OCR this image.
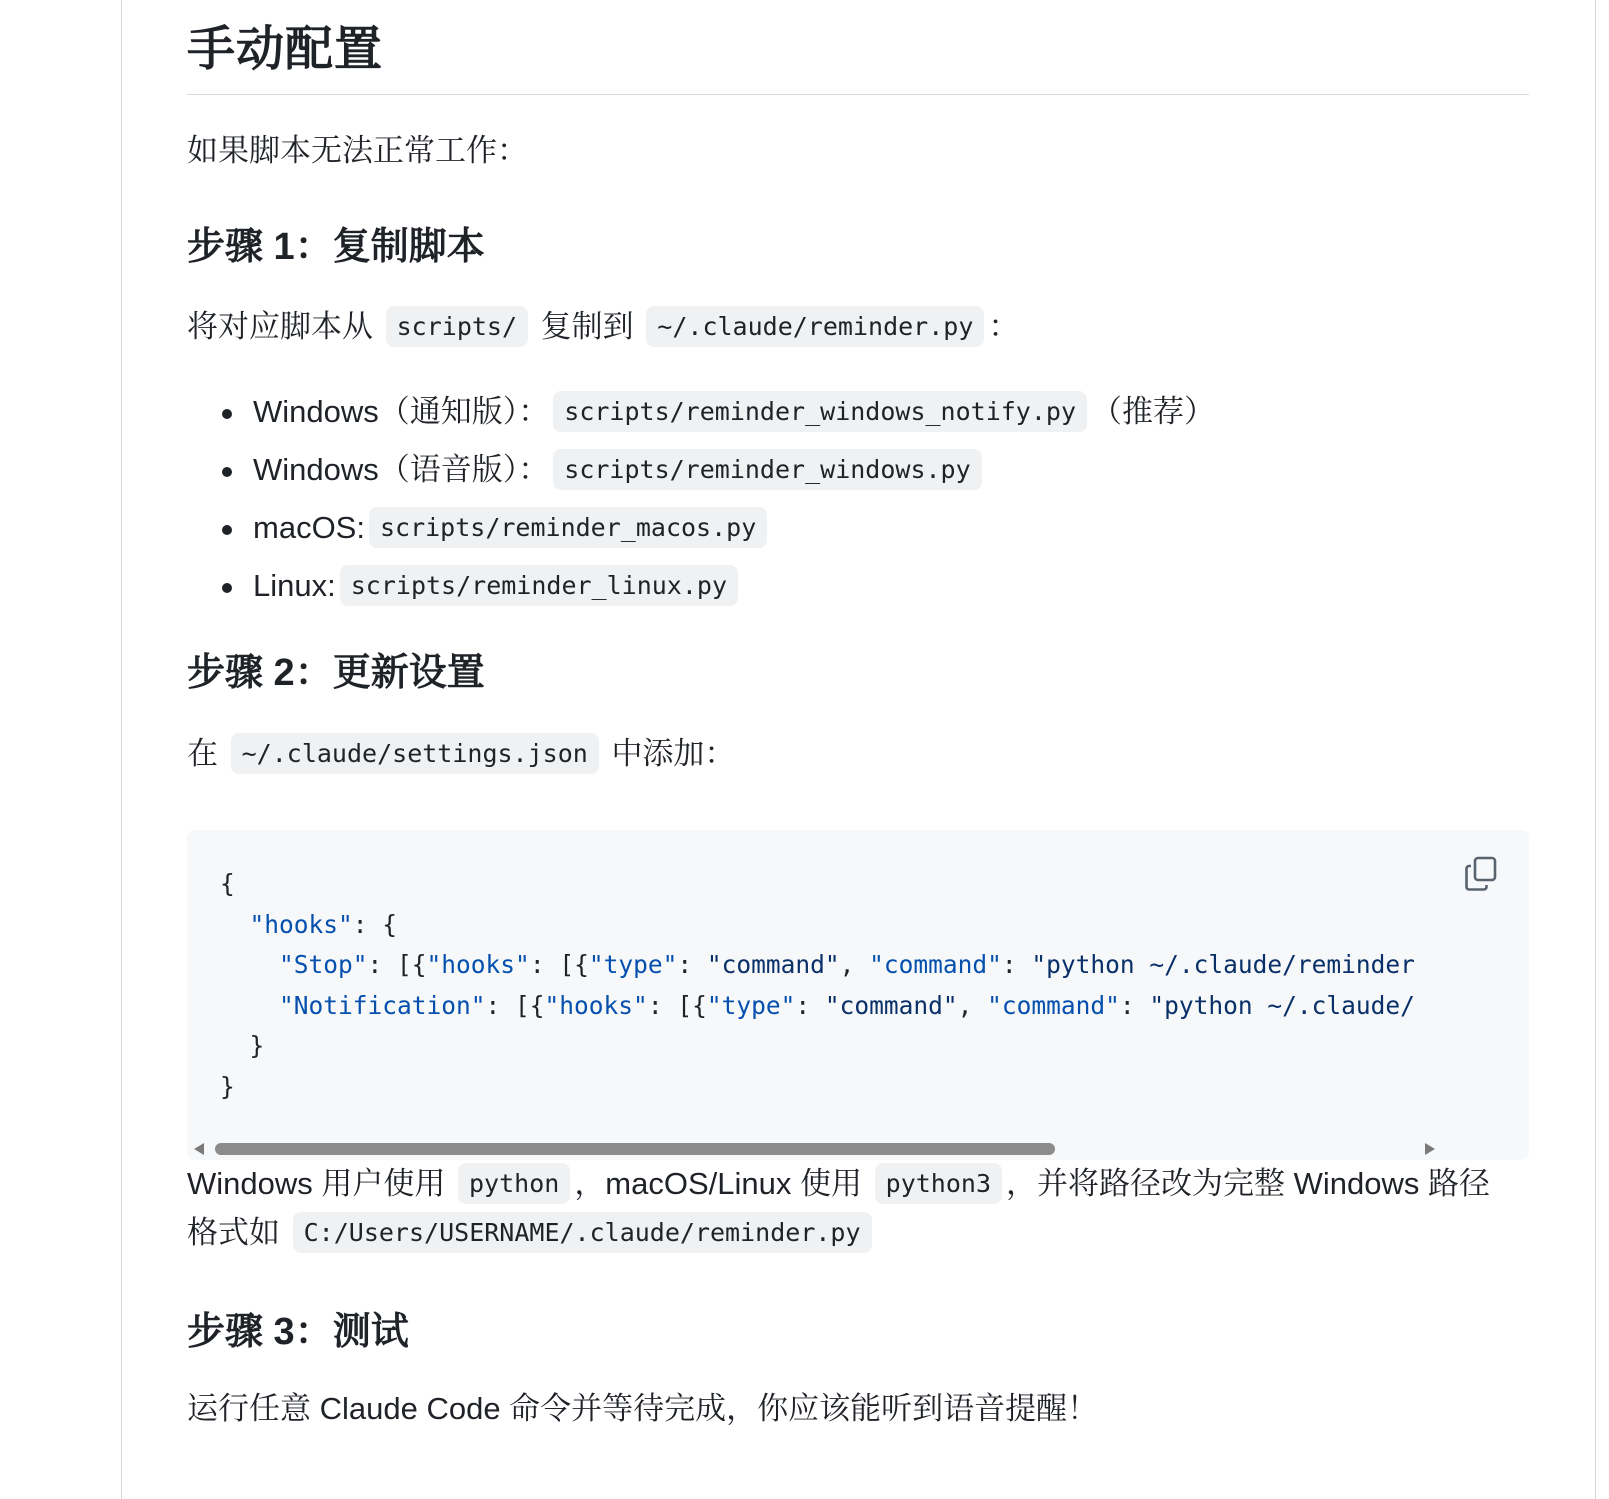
手动配置
如果脚本无法正常工作：
步骤 1：复制脚本
将对应脚本从 scripts/ 复制到 ~/.claude/reminder.py ：
Windows（通知版）： scripts/reminder_windows_notify.py （推荐）
Windows（语音版）： scripts/reminder_windows.py
macOS: scripts/reminder_macos.py
Linux: scripts/reminder_linux.py
步骤 2：更新设置
在 ~/.claude/settings.json 中添加：
{
"hooks": {
"Stop": [{"hooks": [{"type": "command", "command": "python ~/.claude/reminder
"Notification": [{"hooks": [{"type": "command", "command": "python ~/.claude/
}
}
Windows 用户使用 python ，macOS/Linux 使用 python3 ，并将路径改为完整 Windows 路径
格式如 C:/Users/USERNAME/.claude/reminder.py
步骤 3：测试
运行任意 Claude Code 命令并等待完成，你应该能听到语音提醒！
